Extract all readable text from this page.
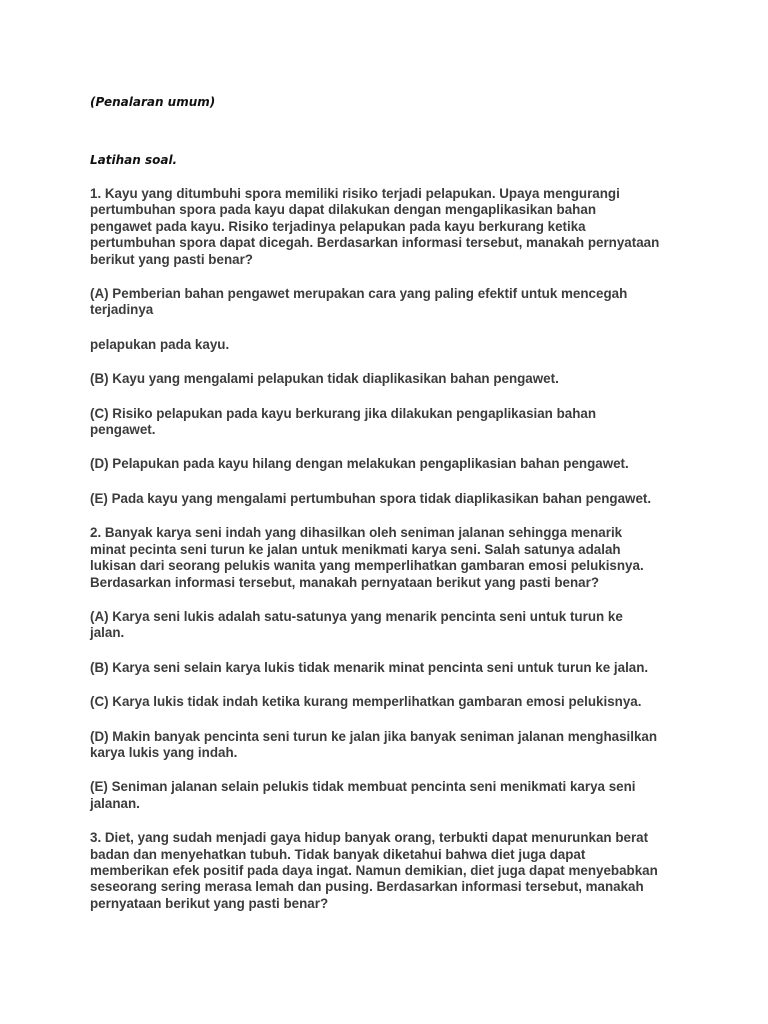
(Penalaran umum)

Latihan soal.

1. Kayu yang ditumbuhi spora memiliki risiko terjadi pelapukan. Upaya mengurangi
pertumbuhan spora pada kayu dapat dilakukan dengan mengaplikasikan bahan
pengawet pada kayu. Risiko terjadinya pelapukan pada kayu berkurang ketika
pertumbuhan spora dapat dicegah. Berdasarkan informasi tersebut, manakah pernyataan
berikut yang pasti benar?

(A) Pemberian bahan pengawet merupakan cara yang paling efektif untuk mencegah
terjadinya

pelapukan pada kayu.

(B) Kayu yang mengalami pelapukan tidak diaplikasikan bahan pengawet.

(C) Risiko pelapukan pada kayu berkurang jika dilakukan pengaplikasian bahan
pengawet.

(D) Pelapukan pada kayu hilang dengan melakukan pengaplikasian bahan pengawet.

(E) Pada kayu yang mengalami pertumbuhan spora tidak diaplikasikan bahan pengawet.

2. Banyak karya seni indah yang dihasilkan oleh seniman jalanan sehingga menarik
minat pecinta seni turun ke jalan untuk menikmati karya seni. Salah satunya adalah
lukisan dari seorang pelukis wanita yang memperlihatkan gambaran emosi pelukisnya.
Berdasarkan informasi tersebut, manakah pernyataan berikut yang pasti benar?

(A) Karya seni lukis adalah satu-satunya yang menarik pencinta seni untuk turun ke
jalan.

(B) Karya seni selain karya lukis tidak menarik minat pencinta seni untuk turun ke jalan.

(C) Karya lukis tidak indah ketika kurang memperlihatkan gambaran emosi pelukisnya.

(D) Makin banyak pencinta seni turun ke jalan jika banyak seniman jalanan menghasilkan
karya lukis yang indah.

(E) Seniman jalanan selain pelukis tidak membuat pencinta seni menikmati karya seni
jalanan.

3. Diet, yang sudah menjadi gaya hidup banyak orang, terbukti dapat menurunkan berat
badan dan menyehatkan tubuh. Tidak banyak diketahui bahwa diet juga dapat
memberikan efek positif pada daya ingat. Namun demikian, diet juga dapat menyebabkan
seseorang sering merasa lemah dan pusing. Berdasarkan informasi tersebut, manakah
pernyataan berikut yang pasti benar?
